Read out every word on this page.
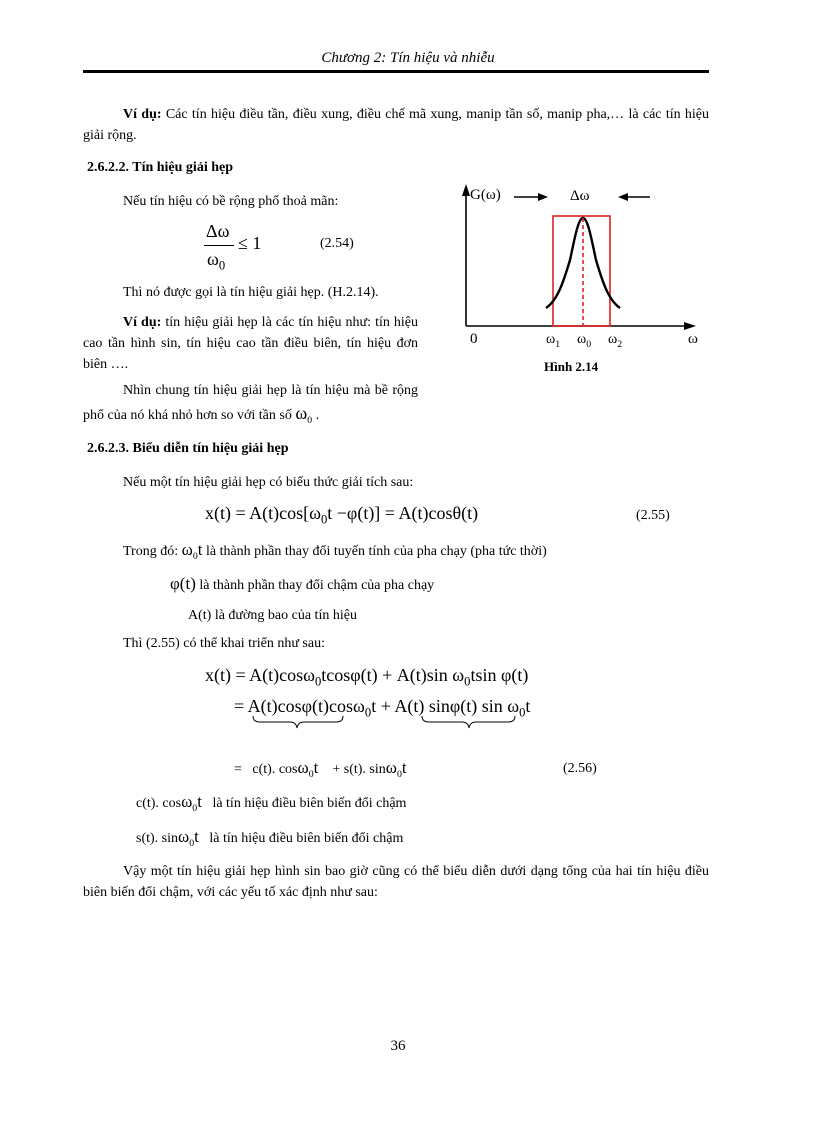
Chương 2: Tín hiệu và nhiễu
Ví dụ: Các tín hiệu điều tần, điều xung, điều chế mã xung, manip tần số, manip pha,… là các tín hiệu giải rộng.
2.6.2.2. Tín hiệu giải hẹp
Nếu tín hiệu có bề rộng phổ thoả mãn:
Δω
$\omega_0$
≤ 1	(2.54)
Thì nó được gọi là tín hiệu giải hẹp. (H.2.14).
Ví dụ: tín hiệu giải hẹp là các tín hiệu như: tín hiệu cao tần hình sin, tín hiệu cao tần điều biên, tín hiệu đơn biên ….
Nhìn chung tín hiệu giải hẹp là tín hiệu mà bề rộng phổ của nó khá nhỏ hơn so với tần số $\omega_0$ .
G(ω)	Δω
0	ω
$\omega_1$ $\omega_0$ $\omega_2$
Hình 2.14
2.6.2.3. Biểu diễn tín hiệu giải hẹp
Nếu một tín hiệu giải hẹp có biểu thức giải tích sau:
$x(t) = A(t)\cos[\omega_0t -\varphi(t)] = A(t)\cos\theta(t)$	(2.55)
Trong đó: $\omega_0t$ là thành phần thay đổi tuyến tính của pha chạy (pha tức thời)
φ(t) là thành phần thay đổi chậm của pha chạy
A(t) là đường bao của tín hiệu
Thì (2.55) có thể khai triển như sau:
x(t) = A(t)cosω$_0$tcosφ(t) + A(t)sin $\omega_0tsin$ φ(t)
= A(t)cosφ(t)cosω$_0$t + A(t) sinφ(t) $\sin \omega_0t$
= c(t). cosω$_0$t    + s(t). sinω$_0$t	(2.56)
c(t). cosω$_0$t là tín hiệu điều biên biến đổi chậm
s(t). sinω$_0$t là tín hiệu điều biên biến đổi chậm
Vậy một tín hiệu giải hẹp hình sin bao giờ cũng có thể biểu diễn dưới dạng tổng của hai tín hiệu điều biên biến đổi chậm, với các yếu tố xác định như sau:
36
